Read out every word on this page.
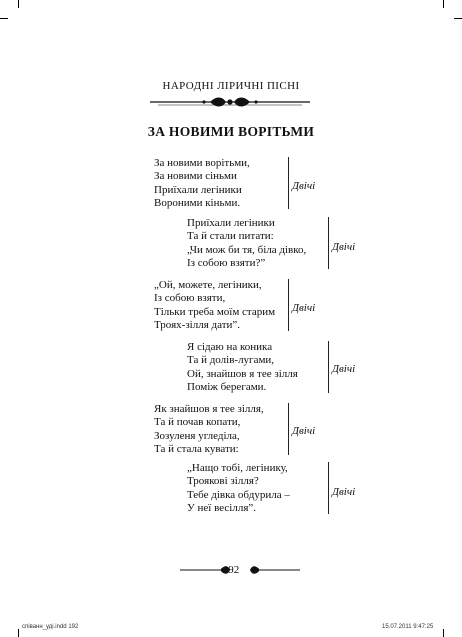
НАРОДНІ ЛІРИЧНІ ПІСНІ
ЗА НОВИМИ ВОРІТЬМИ
За новими ворітьми,
За новими сіньми
Приїхали легіники
Вороними кіньми.
Двічі
Приїхали легіники
Та й стали питати:
„Чи мож би тя, біла дівко,
Із собою взяти?”
Двічі
„Ой, можете, легіники,
Із собою взяти,
Тільки треба моїм старим
Троях-зілля дати”.
Двічі
Я сідаю на коника
Та й долів-лугами,
Ой, знайшов я тее зілля
Поміж берегами.
Двічі
Як знайшов я тее зілля,
Та й почав копати,
Зозуленя угледіла,
Та й стала кувати:
Двічі
„Нащо тобі, легінику,
Троякові зілля?
Тебе дівка обдурила –
У неї весілля”.
Двічі
192
спiванн_удi.indd 192	15.07.2011 9:47:25
